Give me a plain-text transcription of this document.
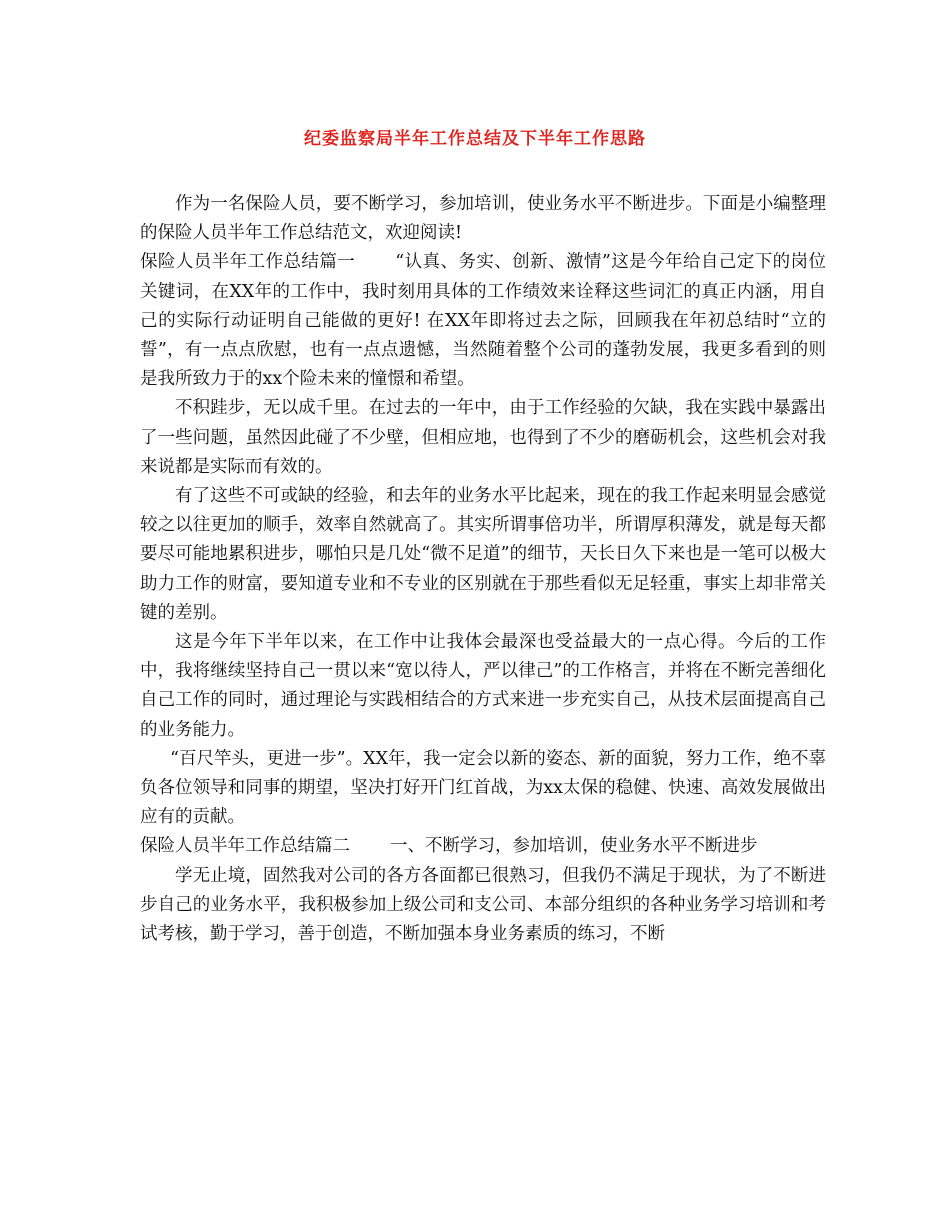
纪委监察局半年工作总结及下半年工作思路

作为一名保险人员，要不断学习，参加培训，使业务水平不断进步。下面是小编整理的保险人员半年工作总结范文，欢迎阅读!

保险人员半年工作总结篇一 “认真、务实、创新、激情”这是今年给自己定下的岗位关键词，在XX年的工作中，我时刻用具体的工作绩效来诠释这些词汇的真正内涵，用自己的实际行动证明自己能做的更好! 在XX年即将过去之际，回顾我在年初总结时“立的誓”，有一点点欣慰，也有一点点遗憾，当然随着整个公司的蓬勃发展，我更多看到的则是我所致力于的xx个险未来的憧憬和希望。

不积跬步，无以成千里。在过去的一年中，由于工作经验的欠缺，我在实践中暴露出了一些问题，虽然因此碰了不少壁，但相应地，也得到了不少的磨砺机会，这些机会对我来说都是实际而有效的。

有了这些不可或缺的经验，和去年的业务水平比起来，现在的我工作起来明显会感觉较之以往更加的顺手，效率自然就高了。其实所谓事倍功半，所谓厚积薄发，就是每天都要尽可能地累积进步，哪怕只是几处“微不足道”的细节，天长日久下来也是一笔可以极大助力工作的财富，要知道专业和不专业的区别就在于那些看似无足轻重，事实上却非常关键的差别。

这是今年下半年以来，在工作中让我体会最深也受益最大的一点心得。今后的工作中，我将继续坚持自己一贯以来“宽以待人，严以律己”的工作格言，并将在不断完善细化自己工作的同时，通过理论与实践相结合的方式来进一步充实自己，从技术层面提高自己的业务能力。

“百尺竿头，更进一步”。XX年，我一定会以新的姿态、新的面貌，努力工作，绝不辜负各位领导和同事的期望，坚决打好开门红首战，为xx太保的稳健、快速、高效发展做出应有的贡献。

保险人员半年工作总结篇二 一、不断学习，参加培训，使业务水平不断进步

学无止境，固然我对公司的各方各面都已很熟习，但我仍不满足于现状，为了不断进步自己的业务水平，我积极参加上级公司和支公司、本部分组织的各种业务学习培训和考试考核，勤于学习，善于创造，不断加强本身业务素质的练习，不断
